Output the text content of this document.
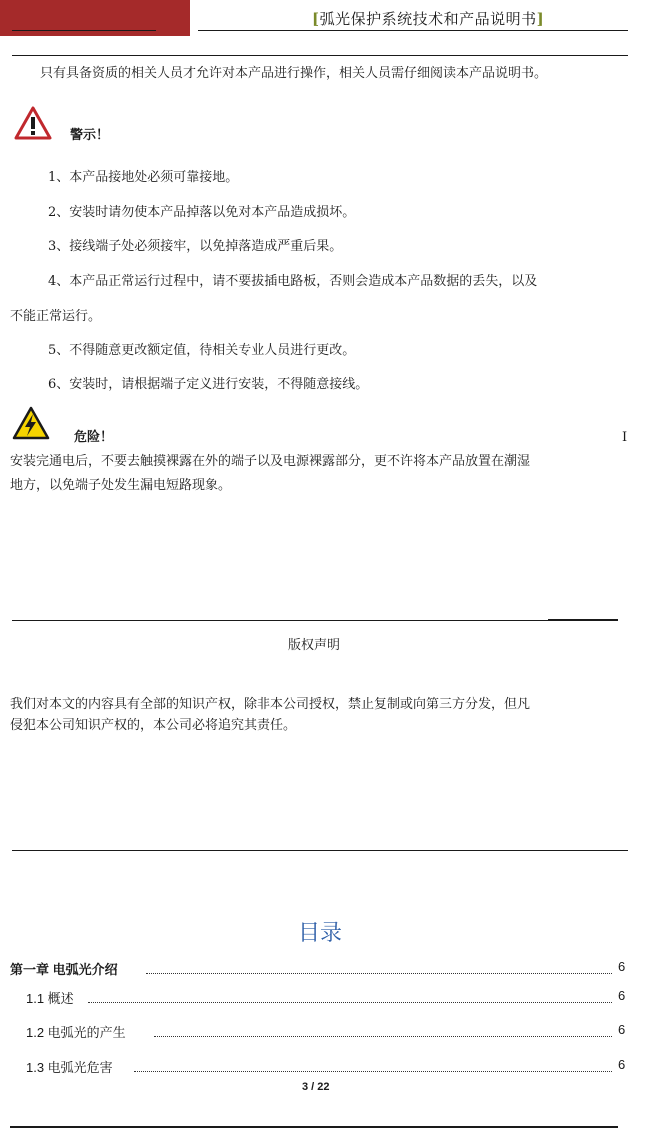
[弧光保护系统技术和产品说明书]
只有具备资质的相关人员才允许对本产品进行操作，相关人员需仔细阅读本产品说明书。
警示！
1、本产品接地处必须可靠接地。
2、安装时请勿使本产品掉落以免对本产品造成损坏。
3、接线端子处必须接牢，以免掉落造成严重后果。
4、本产品正常运行过程中，请不要拔插电路板，否则会造成本产品数据的丢失，以及
不能正常运行。
5、不得随意更改额定值，待相关专业人员进行更改。
6、安装时，请根据端子定义进行安装，不得随意接线。
危险！	I
安装完通电后，不要去触摸裸露在外的端子以及电源裸露部分，更不许将本产品放置在潮湿
地方，以免端子处发生漏电短路现象。
版权声明
我们对本文的内容具有全部的知识产权，除非本公司授权，禁止复制或向第三方分发，但凡
侵犯本公司知识产权的，本公司必将追究其责任。
目录
第一章 电弧光介绍	6
1.1 概述	6
1.2 电弧光的产生	6
1.3 电弧光危害	6
3 / 22
